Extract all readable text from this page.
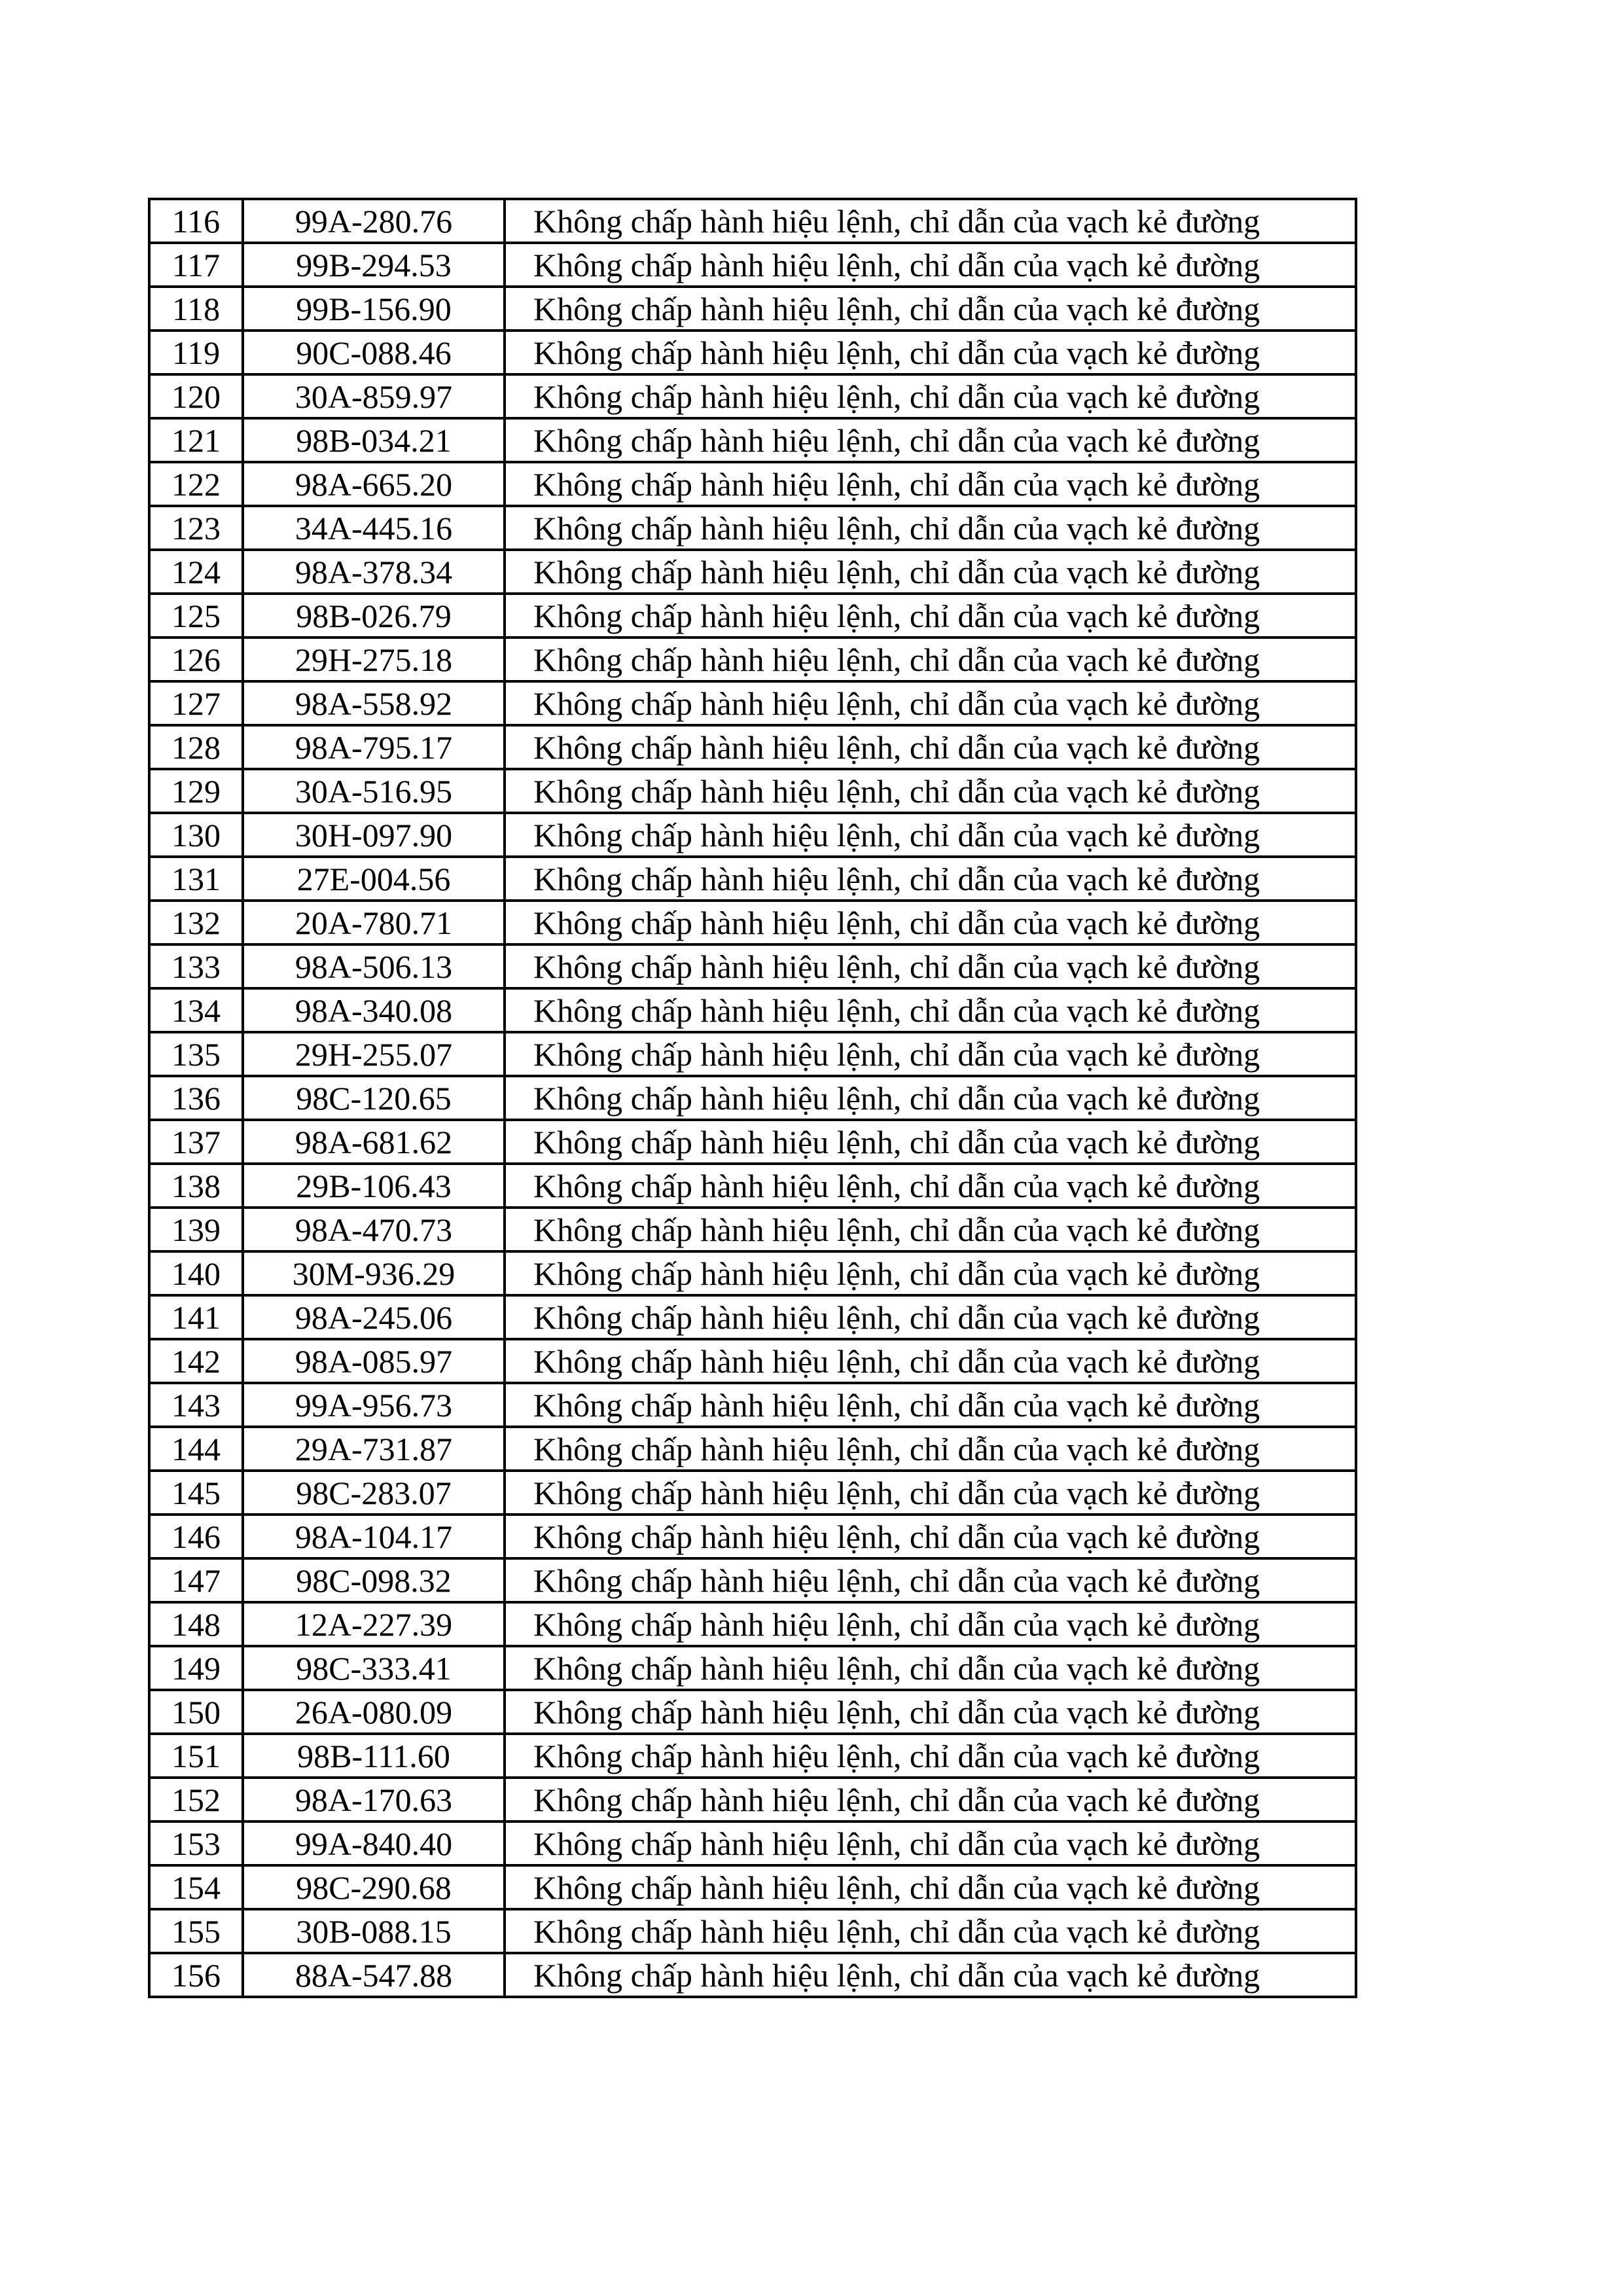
116	99A-280.76	Không chấp hành hiệu lệnh, chỉ dẫn của vạch kẻ đường
117	99B-294.53	Không chấp hành hiệu lệnh, chỉ dẫn của vạch kẻ đường
118	99B-156.90	Không chấp hành hiệu lệnh, chỉ dẫn của vạch kẻ đường
119	90C-088.46	Không chấp hành hiệu lệnh, chỉ dẫn của vạch kẻ đường
120	30A-859.97	Không chấp hành hiệu lệnh, chỉ dẫn của vạch kẻ đường
121	98B-034.21	Không chấp hành hiệu lệnh, chỉ dẫn của vạch kẻ đường
122	98A-665.20	Không chấp hành hiệu lệnh, chỉ dẫn của vạch kẻ đường
123	34A-445.16	Không chấp hành hiệu lệnh, chỉ dẫn của vạch kẻ đường
124	98A-378.34	Không chấp hành hiệu lệnh, chỉ dẫn của vạch kẻ đường
125	98B-026.79	Không chấp hành hiệu lệnh, chỉ dẫn của vạch kẻ đường
126	29H-275.18	Không chấp hành hiệu lệnh, chỉ dẫn của vạch kẻ đường
127	98A-558.92	Không chấp hành hiệu lệnh, chỉ dẫn của vạch kẻ đường
128	98A-795.17	Không chấp hành hiệu lệnh, chỉ dẫn của vạch kẻ đường
129	30A-516.95	Không chấp hành hiệu lệnh, chỉ dẫn của vạch kẻ đường
130	30H-097.90	Không chấp hành hiệu lệnh, chỉ dẫn của vạch kẻ đường
131	27E-004.56	Không chấp hành hiệu lệnh, chỉ dẫn của vạch kẻ đường
132	20A-780.71	Không chấp hành hiệu lệnh, chỉ dẫn của vạch kẻ đường
133	98A-506.13	Không chấp hành hiệu lệnh, chỉ dẫn của vạch kẻ đường
134	98A-340.08	Không chấp hành hiệu lệnh, chỉ dẫn của vạch kẻ đường
135	29H-255.07	Không chấp hành hiệu lệnh, chỉ dẫn của vạch kẻ đường
136	98C-120.65	Không chấp hành hiệu lệnh, chỉ dẫn của vạch kẻ đường
137	98A-681.62	Không chấp hành hiệu lệnh, chỉ dẫn của vạch kẻ đường
138	29B-106.43	Không chấp hành hiệu lệnh, chỉ dẫn của vạch kẻ đường
139	98A-470.73	Không chấp hành hiệu lệnh, chỉ dẫn của vạch kẻ đường
140	30M-936.29	Không chấp hành hiệu lệnh, chỉ dẫn của vạch kẻ đường
141	98A-245.06	Không chấp hành hiệu lệnh, chỉ dẫn của vạch kẻ đường
142	98A-085.97	Không chấp hành hiệu lệnh, chỉ dẫn của vạch kẻ đường
143	99A-956.73	Không chấp hành hiệu lệnh, chỉ dẫn của vạch kẻ đường
144	29A-731.87	Không chấp hành hiệu lệnh, chỉ dẫn của vạch kẻ đường
145	98C-283.07	Không chấp hành hiệu lệnh, chỉ dẫn của vạch kẻ đường
146	98A-104.17	Không chấp hành hiệu lệnh, chỉ dẫn của vạch kẻ đường
147	98C-098.32	Không chấp hành hiệu lệnh, chỉ dẫn của vạch kẻ đường
148	12A-227.39	Không chấp hành hiệu lệnh, chỉ dẫn của vạch kẻ đường
149	98C-333.41	Không chấp hành hiệu lệnh, chỉ dẫn của vạch kẻ đường
150	26A-080.09	Không chấp hành hiệu lệnh, chỉ dẫn của vạch kẻ đường
151	98B-111.60	Không chấp hành hiệu lệnh, chỉ dẫn của vạch kẻ đường
152	98A-170.63	Không chấp hành hiệu lệnh, chỉ dẫn của vạch kẻ đường
153	99A-840.40	Không chấp hành hiệu lệnh, chỉ dẫn của vạch kẻ đường
154	98C-290.68	Không chấp hành hiệu lệnh, chỉ dẫn của vạch kẻ đường
155	30B-088.15	Không chấp hành hiệu lệnh, chỉ dẫn của vạch kẻ đường
156	88A-547.88	Không chấp hành hiệu lệnh, chỉ dẫn của vạch kẻ đường
